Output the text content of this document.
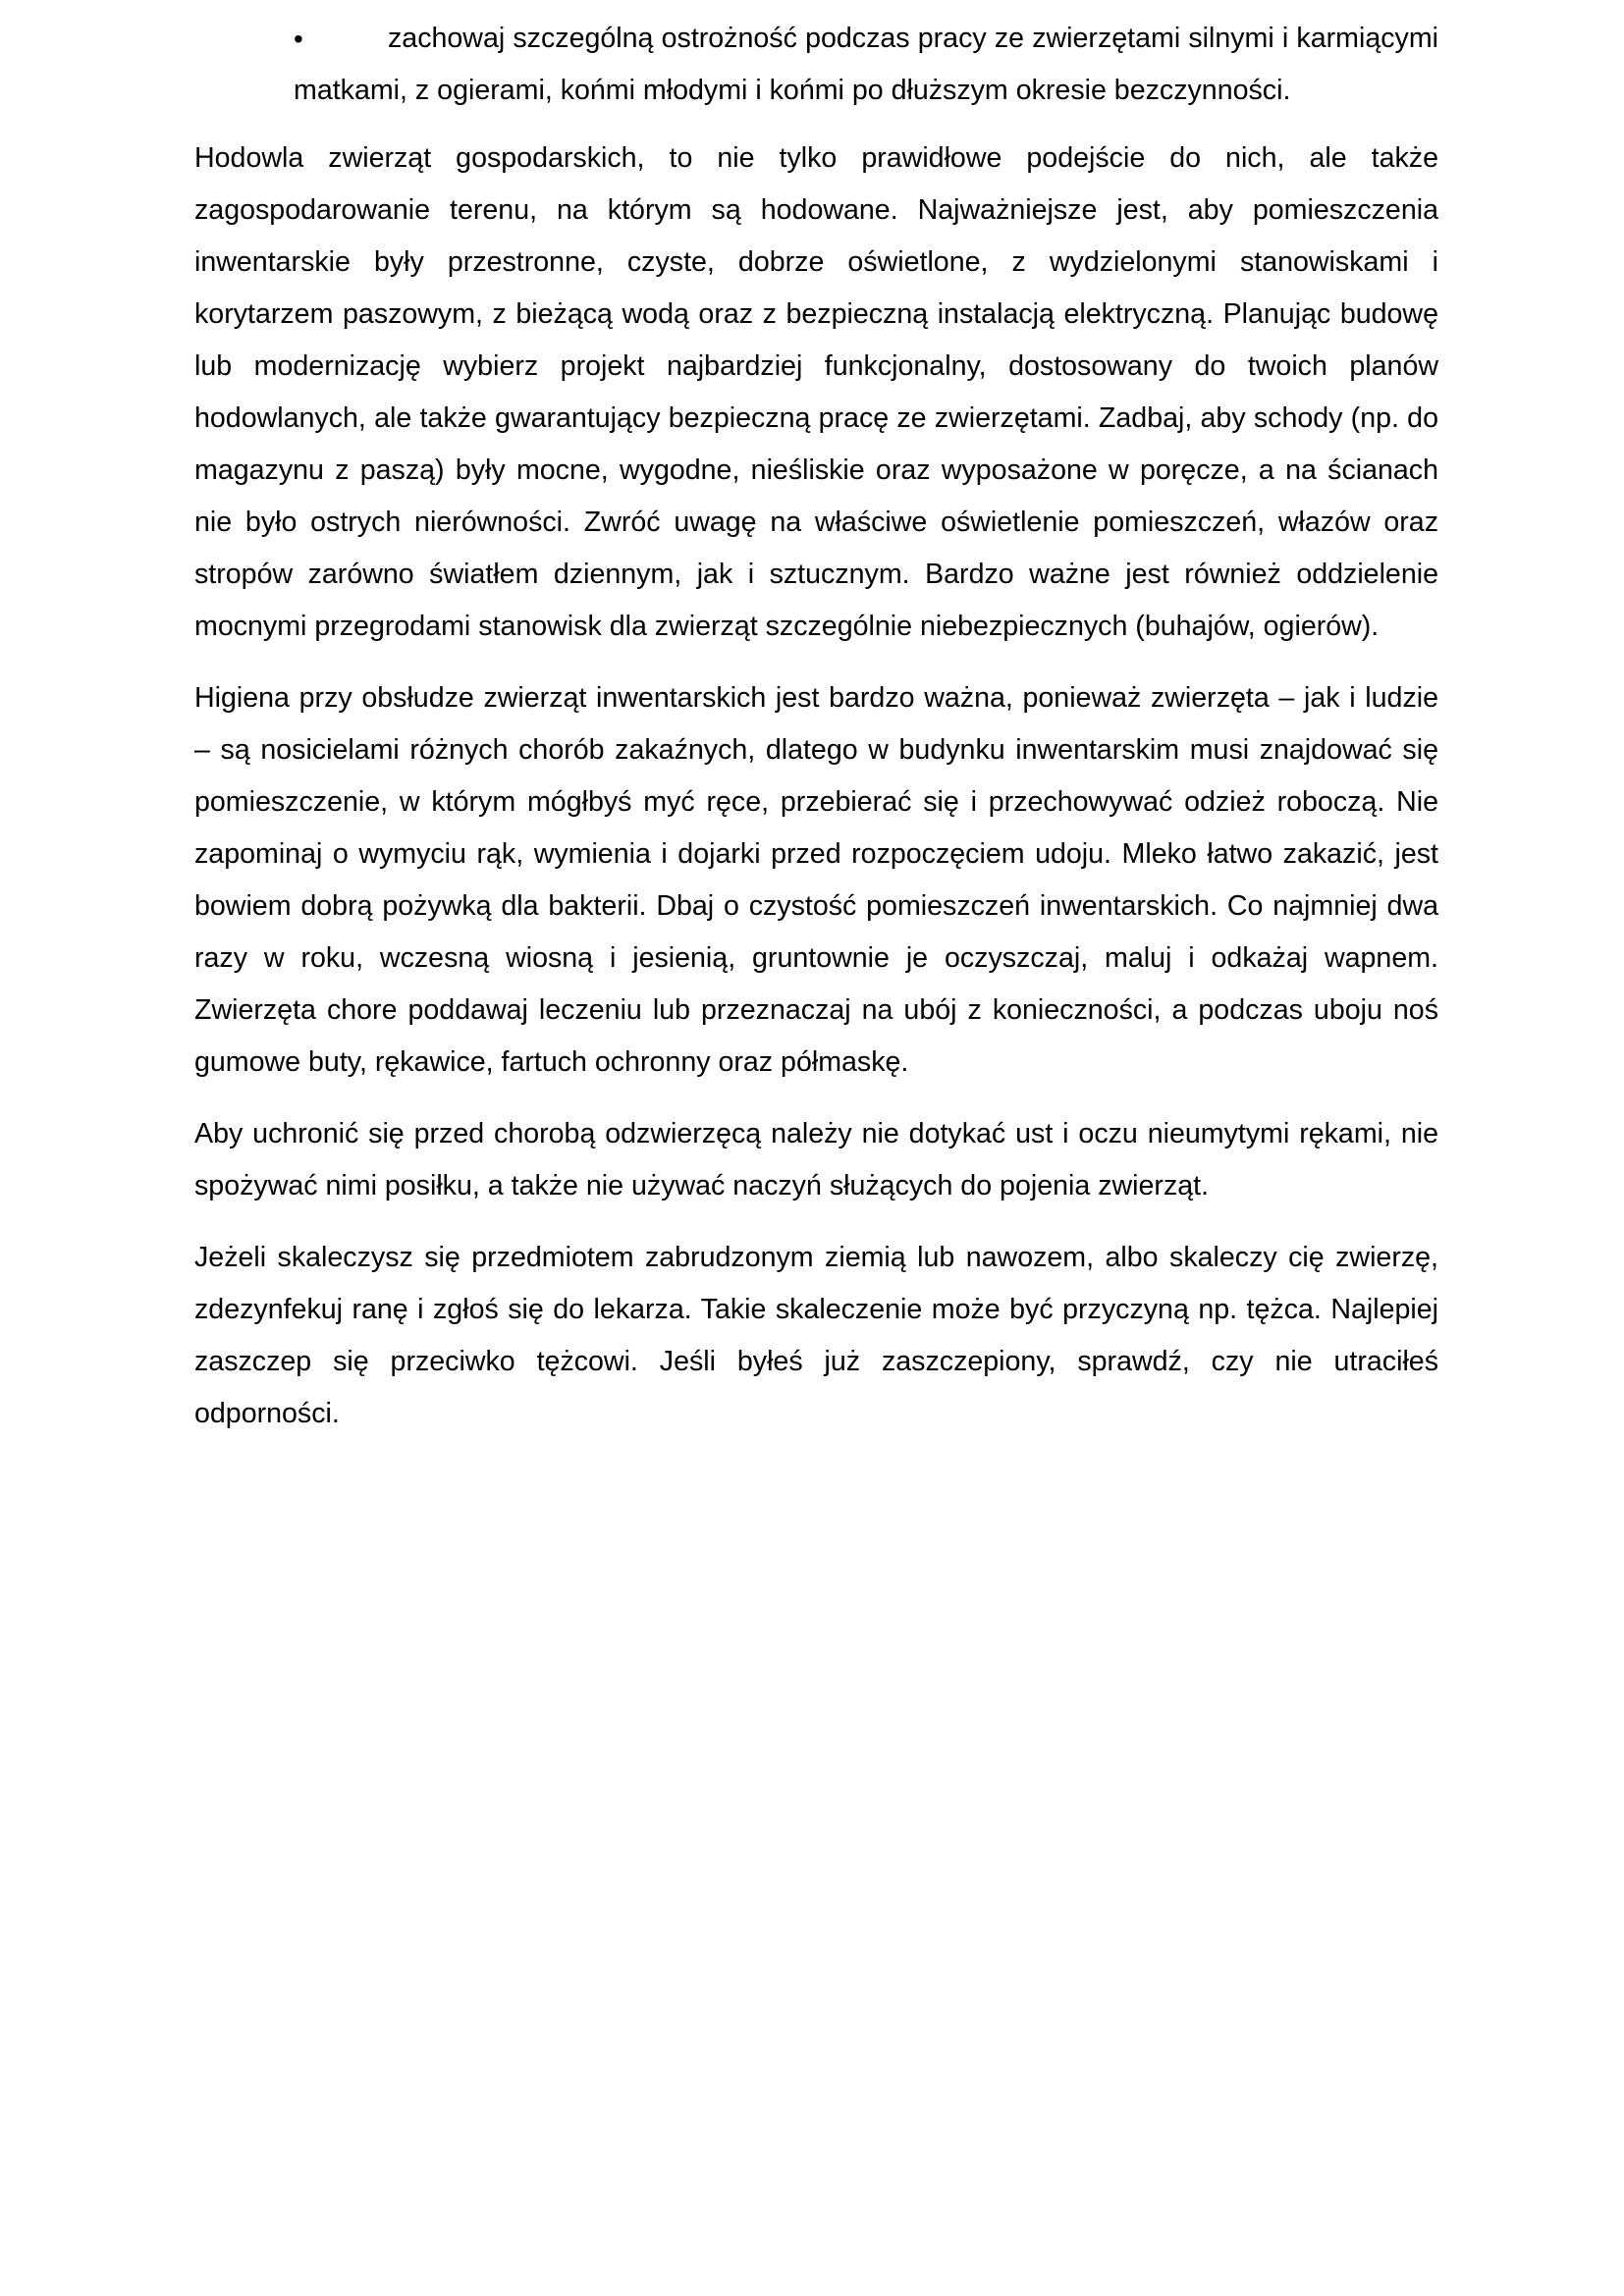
•	zachowaj szczególną ostrożność podczas pracy ze zwierzętami silnymi i karmiącymi matkami, z ogierami, końmi młodymi i końmi po dłuższym okresie bezczynności.

Hodowla zwierząt gospodarskich, to nie tylko prawidłowe podejście do nich, ale także zagospodarowanie terenu, na którym są hodowane. Najważniejsze jest, aby pomieszczenia inwentarskie były przestronne, czyste, dobrze oświetlone, z wydzielonymi stanowiskami i korytarzem paszowym, z bieżącą wodą oraz z bezpieczną instalacją elektryczną. Planując budowę lub modernizację wybierz projekt najbardziej funkcjonalny, dostosowany do twoich planów hodowlanych, ale także gwarantujący bezpieczną pracę ze zwierzętami. Zadbaj, aby schody (np. do magazynu z paszą) były mocne, wygodne, nieśliskie oraz wyposażone w poręcze, a na ścianach nie było ostrych nierówności. Zwróć uwagę na właściwe oświetlenie pomieszczeń, włazów oraz stropów zarówno światłem dziennym, jak i sztucznym. Bardzo ważne jest również oddzielenie mocnymi przegrodami stanowisk dla zwierząt szczególnie niebezpiecznych (buhajów, ogierów).

Higiena przy obsłudze zwierząt inwentarskich jest bardzo ważna, ponieważ zwierzęta – jak i ludzie – są nosicielami różnych chorób zakaźnych, dlatego w budynku inwentarskim musi znajdować się pomieszczenie, w którym mógłbyś myć ręce, przebierać się i przechowywać odzież roboczą. Nie zapominaj o wymyciu rąk, wymienia i dojarki przed rozpoczęciem udoju. Mleko łatwo zakazić, jest bowiem dobrą pożywką dla bakterii. Dbaj o czystość pomieszczeń inwentarskich. Co najmniej dwa razy w roku, wczesną wiosną i jesienią, gruntownie je oczyszczaj, maluj i odkażaj wapnem. Zwierzęta chore poddawaj leczeniu lub przeznaczaj na ubój z konieczności, a podczas uboju noś gumowe buty, rękawice, fartuch ochronny oraz półmaskę.

Aby uchronić się przed chorobą odzwierzęcą należy nie dotykać ust i oczu nieumytymi rękami, nie spożywać nimi posiłku, a także nie używać naczyń służących do pojenia zwierząt.

Jeżeli skaleczysz się przedmiotem zabrudzonym ziemią lub nawozem, albo skaleczy cię zwierzę, zdezynfekuj ranę i zgłoś się do lekarza. Takie skaleczenie może być przyczyną np. tężca. Najlepiej zaszczep się przeciwko tężcowi. Jeśli byłeś już zaszczepiony, sprawdź, czy nie utraciłeś odporności.
